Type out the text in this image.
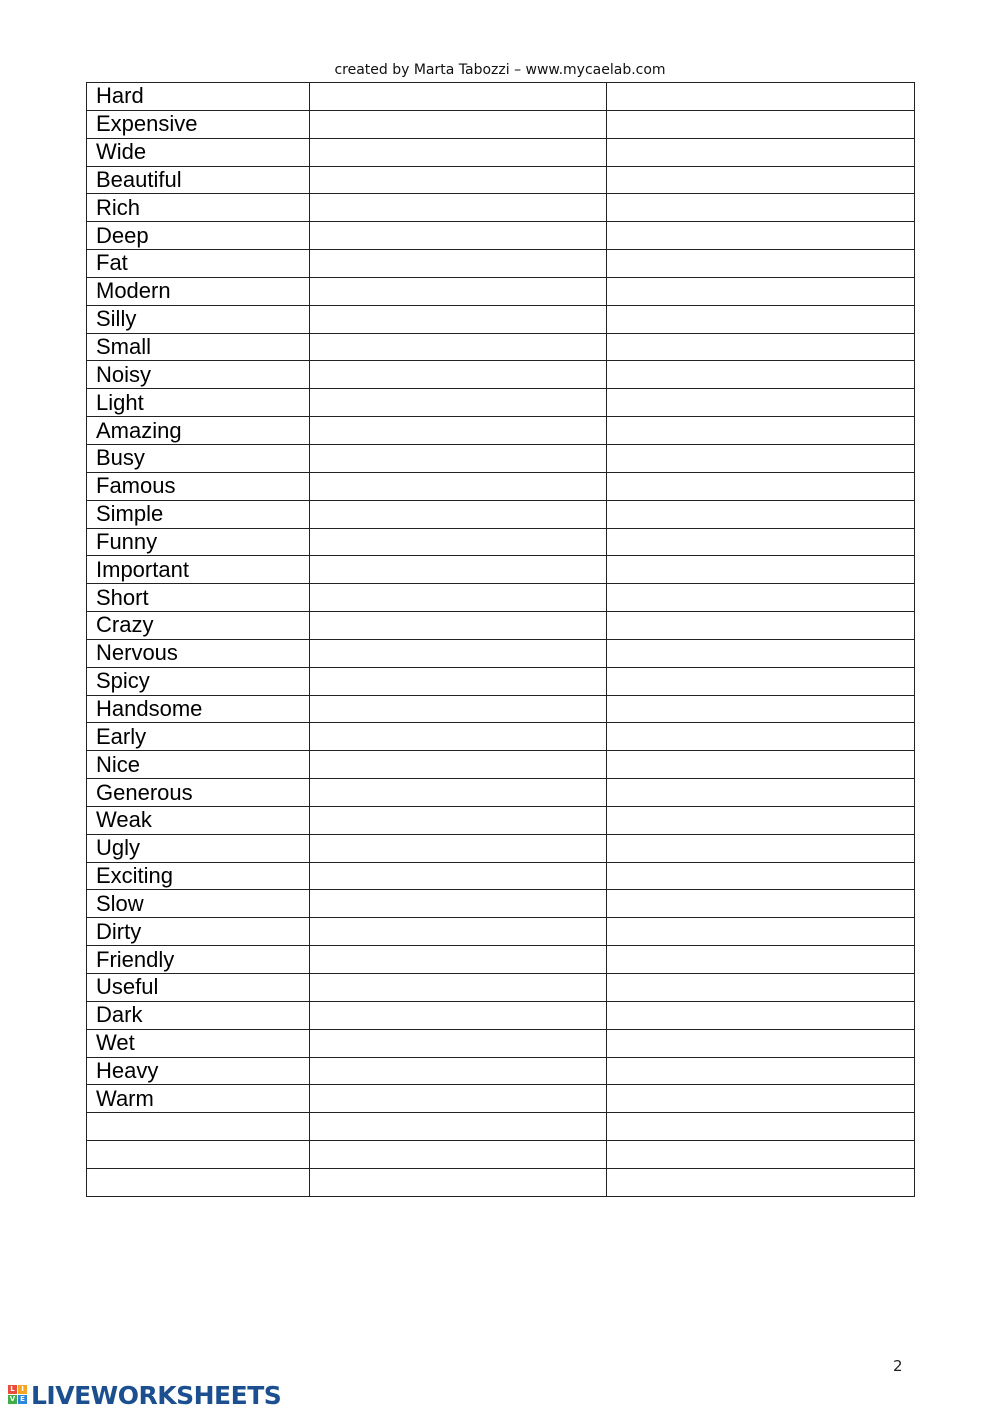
created by Marta Tabozzi – www.mycaelab.com
Hard		
Expensive		
Wide		
Beautiful		
Rich		
Deep		
Fat		
Modern		
Silly		
Small		
Noisy		
Light		
Amazing		
Busy		
Famous		
Simple		
Funny		
Important		
Short		
Crazy		
Nervous		
Spicy		
Handsome		
Early		
Nice		
Generous		
Weak		
Ugly		
Exciting		
Slow		
Dirty		
Friendly		
Useful		
Dark		
Wet		
Heavy		
Warm		

2
L I
V E LIVEWORKSHEETS
